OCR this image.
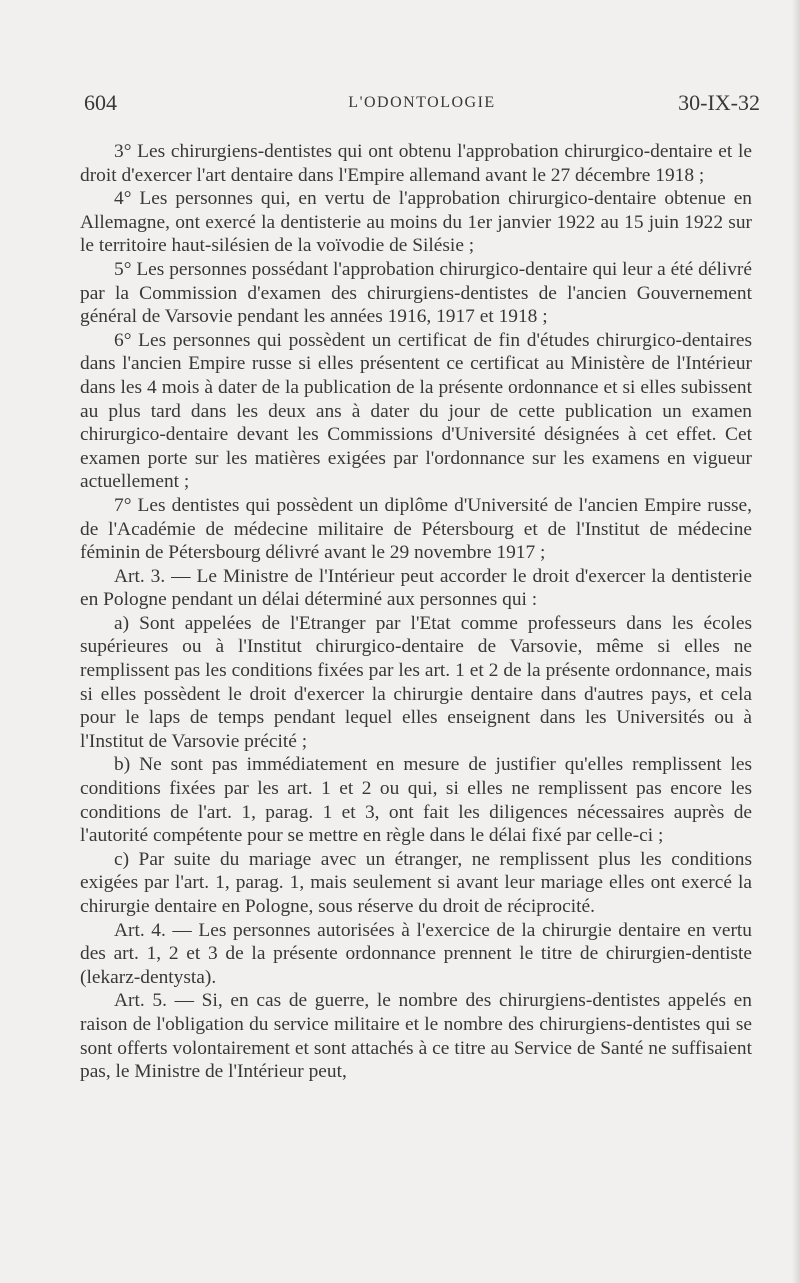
604	L'ODONTOLOGIE	30-IX-32

3° Les chirurgiens-dentistes qui ont obtenu l'approbation chirurgico-dentaire et le droit d'exercer l'art dentaire dans l'Empire allemand avant le 27 décembre 1918 ;

4° Les personnes qui, en vertu de l'approbation chirurgico-dentaire obtenue en Allemagne, ont exercé la dentisterie au moins du 1er janvier 1922 au 15 juin 1922 sur le territoire haut-silésien de la voïvodie de Silésie ;

5° Les personnes possédant l'approbation chirurgico-dentaire qui leur a été délivré par la Commission d'examen des chirurgiens-dentistes de l'ancien Gouvernement général de Varsovie pendant les années 1916, 1917 et 1918 ;

6° Les personnes qui possèdent un certificat de fin d'études chirurgico-dentaires dans l'ancien Empire russe si elles présentent ce certificat au Ministère de l'Intérieur dans les 4 mois à dater de la publication de la présente ordonnance et si elles subissent au plus tard dans les deux ans à dater du jour de cette publication un examen chirurgico-dentaire devant les Commissions d'Université désignées à cet effet. Cet examen porte sur les matières exigées par l'ordonnance sur les examens en vigueur actuellement ;

7° Les dentistes qui possèdent un diplôme d'Université de l'ancien Empire russe, de l'Académie de médecine militaire de Pétersbourg et de l'Institut de médecine féminin de Pétersbourg délivré avant le 29 novembre 1917 ;

Art. 3. — Le Ministre de l'Intérieur peut accorder le droit d'exercer la dentisterie en Pologne pendant un délai déterminé aux personnes qui :

a) Sont appelées de l'Etranger par l'Etat comme professeurs dans les écoles supérieures ou à l'Institut chirurgico-dentaire de Varsovie, même si elles ne remplissent pas les conditions fixées par les art. 1 et 2 de la présente ordonnance, mais si elles possèdent le droit d'exercer la chirurgie dentaire dans d'autres pays, et cela pour le laps de temps pendant lequel elles enseignent dans les Universités ou à l'Institut de Varsovie précité ;

b) Ne sont pas immédiatement en mesure de justifier qu'elles remplissent les conditions fixées par les art. 1 et 2 ou qui, si elles ne remplissent pas encore les conditions de l'art. 1, parag. 1 et 3, ont fait les diligences nécessaires auprès de l'autorité compétente pour se mettre en règle dans le délai fixé par celle-ci ;

c) Par suite du mariage avec un étranger, ne remplissent plus les conditions exigées par l'art. 1, parag. 1, mais seulement si avant leur mariage elles ont exercé la chirurgie dentaire en Pologne, sous réserve du droit de réciprocité.

Art. 4. — Les personnes autorisées à l'exercice de la chirurgie dentaire en vertu des art. 1, 2 et 3 de la présente ordonnance prennent le titre de chirurgien-dentiste (lekarz-dentysta).

Art. 5. — Si, en cas de guerre, le nombre des chirurgiens-dentistes appelés en raison de l'obligation du service militaire et le nombre des chirurgiens-dentistes qui se sont offerts volontairement et sont attachés à ce titre au Service de Santé ne suffisaient pas, le Ministre de l'Intérieur peut,
